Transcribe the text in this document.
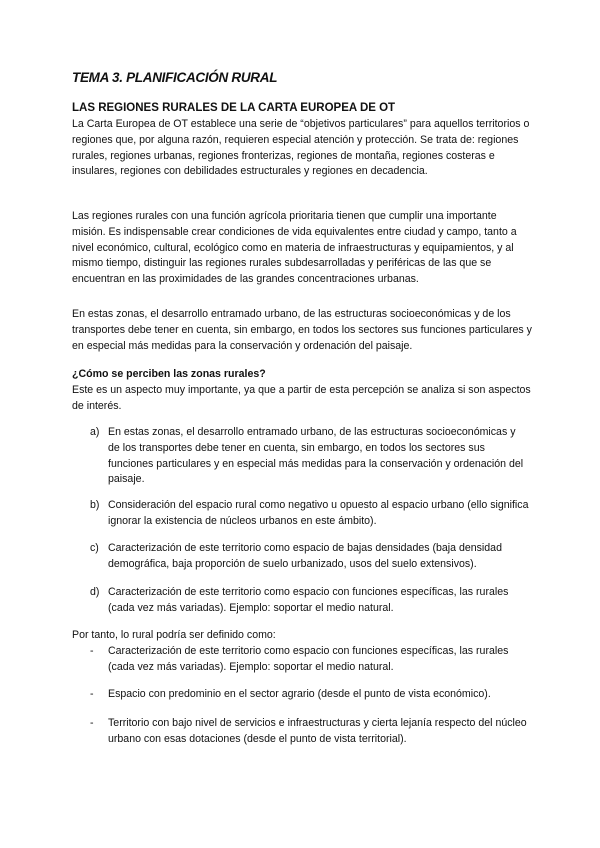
TEMA 3. PLANIFICACIÓN RURAL
LAS REGIONES RURALES DE LA CARTA EUROPEA DE OT

La Carta Europea de OT establece una serie de “objetivos particulares” para aquellos territorios o regiones que, por alguna razón, requieren especial atención y protección. Se trata de: regiones rurales, regiones urbanas, regiones fronterizas, regiones de montaña, regiones costeras e insulares, regiones con debilidades estructurales y regiones en decadencia.

Las regiones rurales con una función agrícola prioritaria tienen que cumplir una importante misión. Es indispensable crear condiciones de vida equivalentes entre ciudad y campo, tanto a nivel económico, cultural, ecológico como en materia de infraestructuras y equipamientos, y al mismo tiempo, distinguir las regiones rurales subdesarrolladas y periféricas de las que se encuentran en las proximidades de las grandes concentraciones urbanas.

En estas zonas, el desarrollo entramado urbano, de las estructuras socioeconómicas y de los transportes debe tener en cuenta, sin embargo, en todos los sectores sus funciones particulares y en especial más medidas para la conservación y ordenación del paisaje.

¿Cómo se perciben las zonas rurales?

Este es un aspecto muy importante, ya que a partir de esta percepción se analiza si son aspectos de interés.

a) En estas zonas, el desarrollo entramado urbano, de las estructuras socioeconómicas y de los transportes debe tener en cuenta, sin embargo, en todos los sectores sus funciones particulares y en especial más medidas para la conservación y ordenación del paisaje.
b) Consideración del espacio rural como negativo u opuesto al espacio urbano (ello significa ignorar la existencia de núcleos urbanos en este ámbito).
c) Caracterización de este territorio como espacio de bajas densidades (baja densidad demográfica, baja proporción de suelo urbanizado, usos del suelo extensivos).
d) Caracterización de este territorio como espacio con funciones específicas, las rurales (cada vez más variadas). Ejemplo: soportar el medio natural.

Por tanto, lo rural podría ser definido como:

- Caracterización de este territorio como espacio con funciones específicas, las rurales (cada vez más variadas). Ejemplo: soportar el medio natural.
- Espacio con predominio en el sector agrario (desde el punto de vista económico).
- Territorio con bajo nivel de servicios e infraestructuras y cierta lejanía respecto del núcleo urbano con esas dotaciones (desde el punto de vista territorial).
